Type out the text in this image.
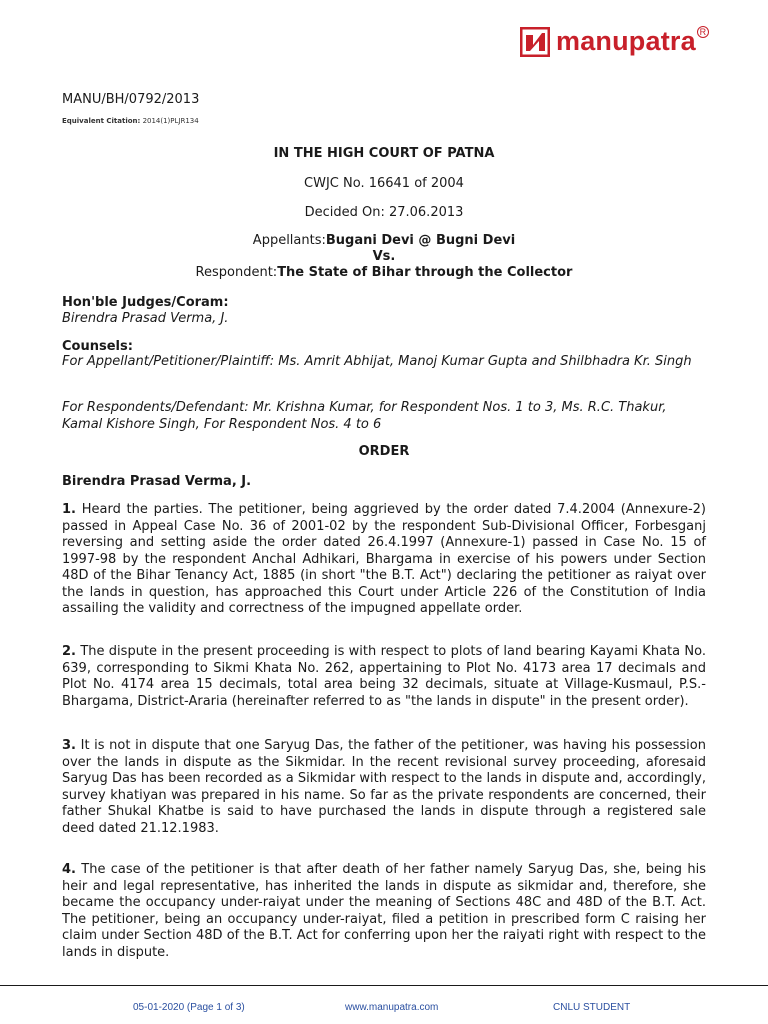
manupatra R
MANU/BH/0792/2013
Equivalent Citation: 2014(1)PLJR134
IN THE HIGH COURT OF PATNA
CWJC No. 16641 of 2004
Decided On: 27.06.2013
Appellants:Bugani Devi @ Bugni Devi
Vs.
Respondent:The State of Bihar through the Collector
Hon'ble Judges/Coram:
Birendra Prasad Verma, J.
Counsels:
For Appellant/Petitioner/Plaintiff: Ms. Amrit Abhijat, Manoj Kumar Gupta and Shilbhadra Kr. Singh
For Respondents/Defendant: Mr. Krishna Kumar, for Respondent Nos. 1 to 3, Ms. R.C. Thakur, Kamal Kishore Singh, For Respondent Nos. 4 to 6
ORDER
Birendra Prasad Verma, J.
1. Heard the parties. The petitioner, being aggrieved by the order dated 7.4.2004 (Annexure-2) passed in Appeal Case No. 36 of 2001-02 by the respondent Sub-Divisional Officer, Forbesganj reversing and setting aside the order dated 26.4.1997 (Annexure-1) passed in Case No. 15 of 1997-98 by the respondent Anchal Adhikari, Bhargama in exercise of his powers under Section 48D of the Bihar Tenancy Act, 1885 (in short "the B.T. Act") declaring the petitioner as raiyat over the lands in question, has approached this Court under Article 226 of the Constitution of India assailing the validity and correctness of the impugned appellate order.
2. The dispute in the present proceeding is with respect to plots of land bearing Kayami Khata No. 639, corresponding to Sikmi Khata No. 262, appertaining to Plot No. 4173 area 17 decimals and Plot No. 4174 area 15 decimals, total area being 32 decimals, situate at Village-Kusmaul, P.S.-Bhargama, District-Araria (hereinafter referred to as "the lands in dispute" in the present order).
3. It is not in dispute that one Saryug Das, the father of the petitioner, was having his possession over the lands in dispute as the Sikmidar. In the recent revisional survey proceeding, aforesaid Saryug Das has been recorded as a Sikmidar with respect to the lands in dispute and, accordingly, survey khatiyan was prepared in his name. So far as the private respondents are concerned, their father Shukal Khatbe is said to have purchased the lands in dispute through a registered sale deed dated 21.12.1983.
4. The case of the petitioner is that after death of her father namely Saryug Das, she, being his heir and legal representative, has inherited the lands in dispute as sikmidar and, therefore, she became the occupancy under-raiyat under the meaning of Sections 48C and 48D of the B.T. Act. The petitioner, being an occupancy under-raiyat, filed a petition in prescribed form C raising her claim under Section 48D of the B.T. Act for conferring upon her the raiyati right with respect to the lands in dispute.
05-01-2020 (Page 1 of 3)	www.manupatra.com	CNLU STUDENT
